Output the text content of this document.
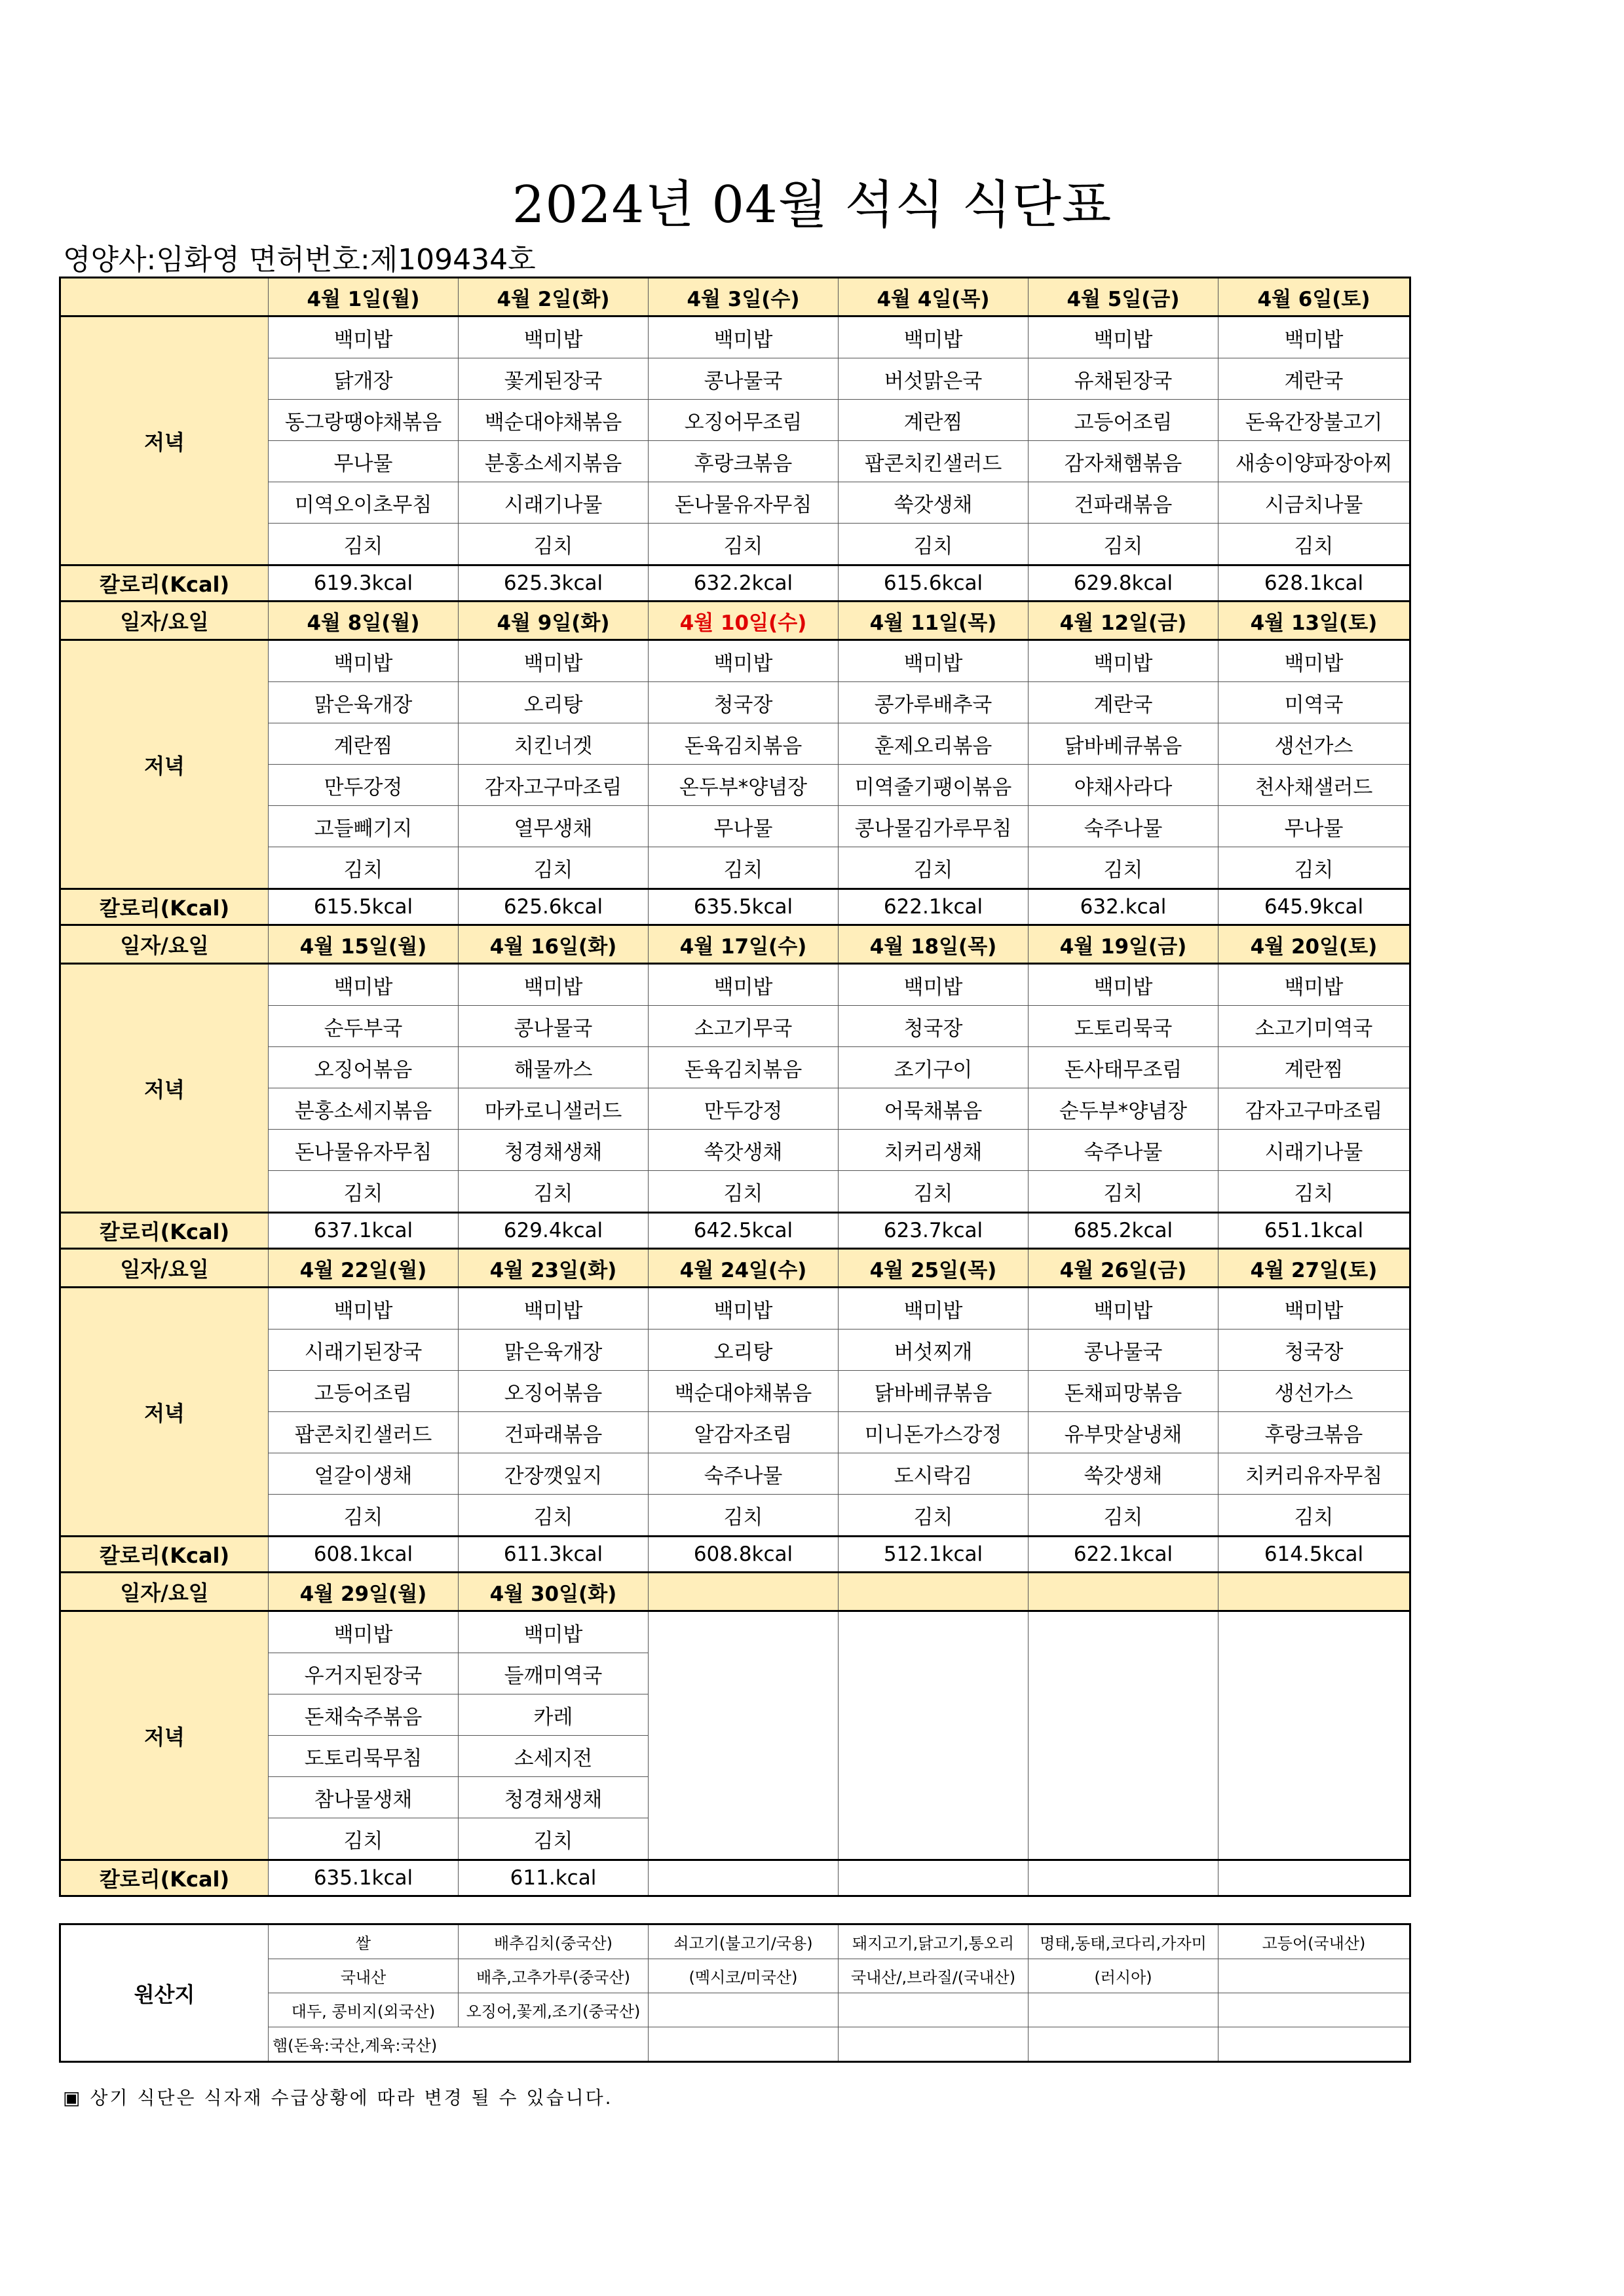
2024년 04월 석식 식단표
영양사:임화영 면허번호:제109434호
	4월 1일(월)	4월 2일(화)	4월 3일(수)	4월 4일(목)	4월 5일(금)	4월 6일(토)
저녁	백미밥	백미밥	백미밥	백미밥	백미밥	백미밥
	닭개장	꽃게된장국	콩나물국	버섯맑은국	유채된장국	계란국
	동그랑땡야채볶음	백순대야채볶음	오징어무조림	계란찜	고등어조림	돈육간장불고기
	무나물	분홍소세지볶음	후랑크볶음	팝콘치킨샐러드	감자채햄볶음	새송이양파장아찌
	미역오이초무침	시래기나물	돈나물유자무침	쑥갓생채	건파래볶음	시금치나물
	김치	김치	김치	김치	김치	김치
칼로리(Kcal)	619.3kcal	625.3kcal	632.2kcal	615.6kcal	629.8kcal	628.1kcal
일자/요일	4월 8일(월)	4월 9일(화)	4월 10일(수)	4월 11일(목)	4월 12일(금)	4월 13일(토)
저녁	백미밥	백미밥	백미밥	백미밥	백미밥	백미밥
	맑은육개장	오리탕	청국장	콩가루배추국	계란국	미역국
	계란찜	치킨너겟	돈육김치볶음	훈제오리볶음	닭바베큐볶음	생선가스
	만두강정	감자고구마조림	온두부*양념장	미역줄기팽이볶음	야채사라다	천사채샐러드
	고들빼기지	열무생채	무나물	콩나물김가루무침	숙주나물	무나물
	김치	김치	김치	김치	김치	김치
칼로리(Kcal)	615.5kcal	625.6kcal	635.5kcal	622.1kcal	632.kcal	645.9kcal
일자/요일	4월 15일(월)	4월 16일(화)	4월 17일(수)	4월 18일(목)	4월 19일(금)	4월 20일(토)
저녁	백미밥	백미밥	백미밥	백미밥	백미밥	백미밥
	순두부국	콩나물국	소고기무국	청국장	도토리묵국	소고기미역국
	오징어볶음	해물까스	돈육김치볶음	조기구이	돈사태무조림	계란찜
	분홍소세지볶음	마카로니샐러드	만두강정	어묵채볶음	순두부*양념장	감자고구마조림
	돈나물유자무침	청경채생채	쑥갓생채	치커리생채	숙주나물	시래기나물
	김치	김치	김치	김치	김치	김치
칼로리(Kcal)	637.1kcal	629.4kcal	642.5kcal	623.7kcal	685.2kcal	651.1kcal
일자/요일	4월 22일(월)	4월 23일(화)	4월 24일(수)	4월 25일(목)	4월 26일(금)	4월 27일(토)
저녁	백미밥	백미밥	백미밥	백미밥	백미밥	백미밥
	시래기된장국	맑은육개장	오리탕	버섯찌개	콩나물국	청국장
	고등어조림	오징어볶음	백순대야채볶음	닭바베큐볶음	돈채피망볶음	생선가스
	팝콘치킨샐러드	건파래볶음	알감자조림	미니돈가스강정	유부맛살냉채	후랑크볶음
	얼갈이생채	간장깻잎지	숙주나물	도시락김	쑥갓생채	치커리유자무침
	김치	김치	김치	김치	김치	김치
칼로리(Kcal)	608.1kcal	611.3kcal	608.8kcal	512.1kcal	622.1kcal	614.5kcal
일자/요일	4월 29일(월)	4월 30일(화)				
저녁	백미밥	백미밥				
	우거지된장국	들깨미역국				
	돈채숙주볶음	카레				
	도토리묵무침	소세지전				
	참나물생채	청경채생채				
	김치	김치				
칼로리(Kcal)	635.1kcal	611.kcal				
원산지	쌀	배추김치(중국산)	쇠고기(불고기/국용)	돼지고기,닭고기,통오리	명태,동태,코다리,가자미	고등어(국내산)
	국내산	배추,고추가루(중국산)	(멕시코/미국산)	국내산/,브라질/(국내산)	(러시아)	
	대두, 콩비지(외국산)	오징어,꽃게,조기(중국산)				
	햄(돈육:국산,계육:국산)					
▣ 상기 식단은 식자재 수급상황에 따라 변경 될 수 있습니다.
